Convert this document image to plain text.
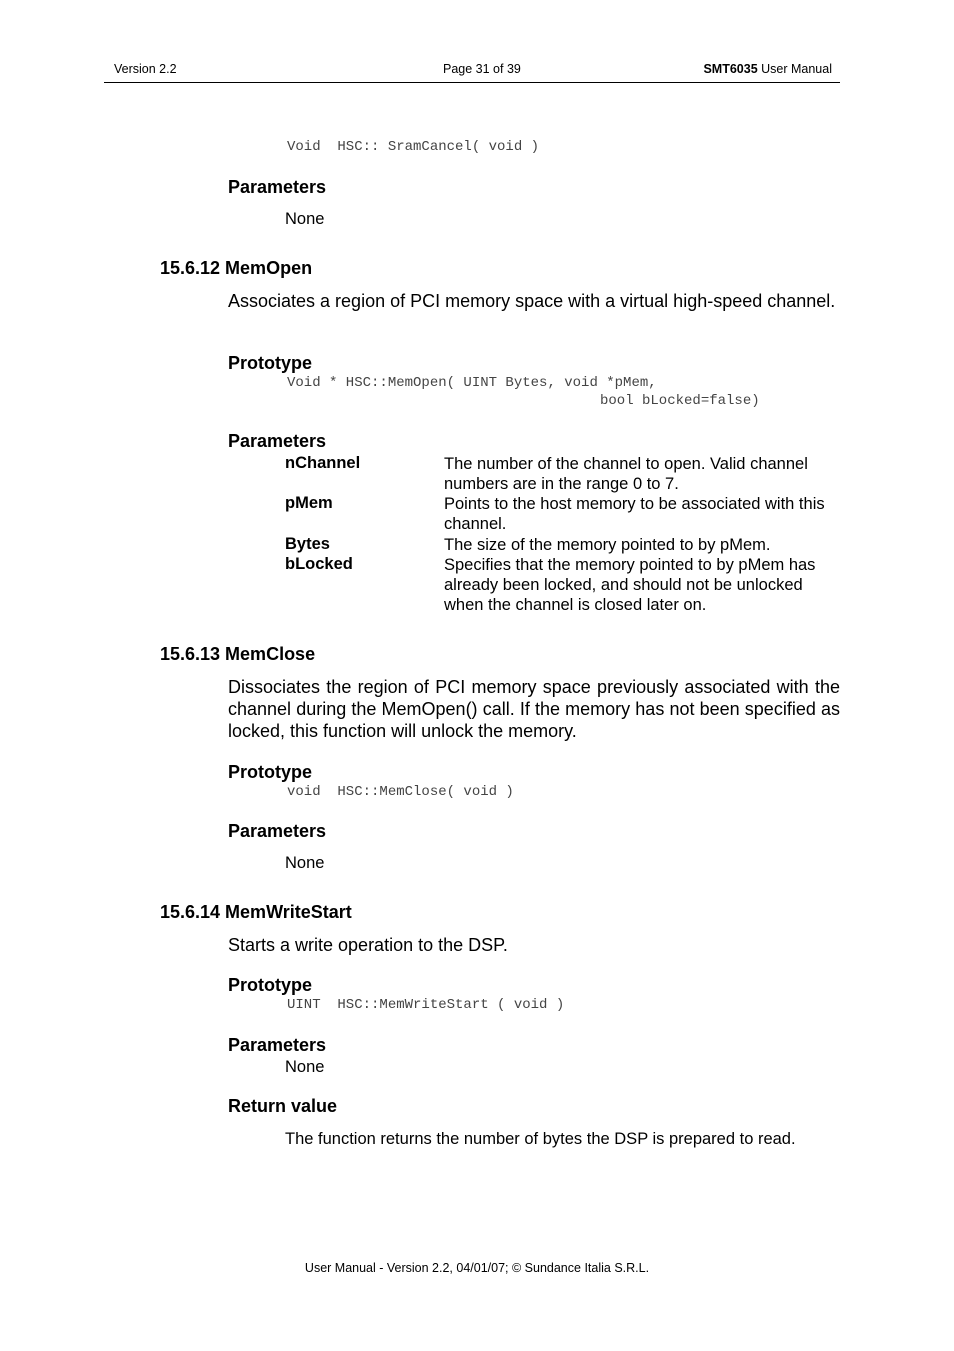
Version 2.2	Page 31 of 39	SMT6035 User Manual
Void  HSC:: SramCancel( void )
Parameters
None
15.6.12 MemOpen
Associates a region of PCI memory space with a virtual high-speed channel.
Prototype
Void * HSC::MemOpen( UINT Bytes, void *pMem,
bool bLocked=false)
Parameters
nChannel	The number of the channel to open. Valid channel numbers are in the range 0 to 7.
pMem	Points to the host memory to be associated with this channel.
Bytes	The size of the memory pointed to by pMem.
bLocked	Specifies that the memory pointed to by pMem has already been locked, and should not be unlocked when the channel is closed later on.
15.6.13 MemClose
Dissociates the region of PCI memory space previously associated with the channel during the MemOpen() call. If the memory has not been specified as locked, this function will unlock the memory.
Prototype
void  HSC::MemClose( void )
Parameters
None
15.6.14 MemWriteStart
Starts a write operation to the DSP.
Prototype
UINT  HSC::MemWriteStart ( void )
Parameters
None
Return value
The function returns the number of bytes the DSP is prepared to read.
User Manual - Version 2.2, 04/01/07; © Sundance Italia S.R.L.
